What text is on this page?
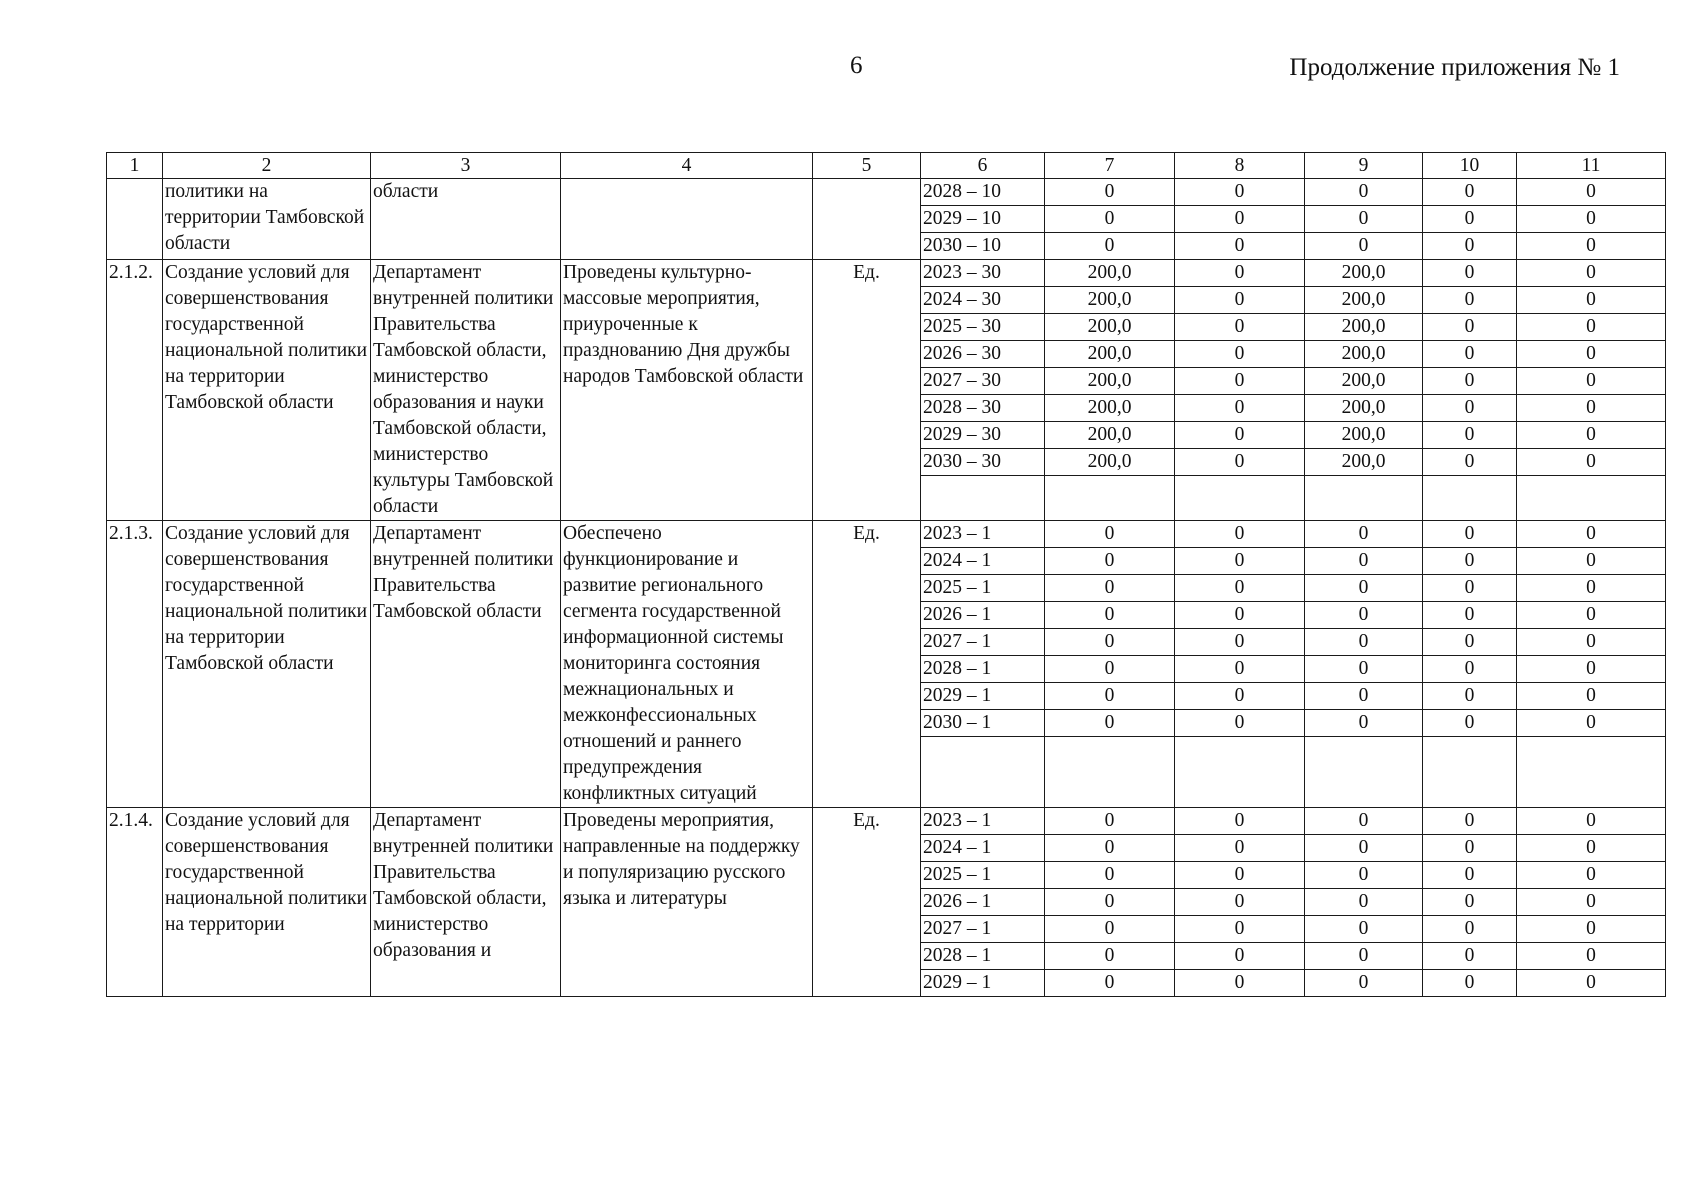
6	Продолжение приложения № 1
1	2	3	4	5	6	7	8	9	10	11
	политики на территории Тамбовской области	области			2028 – 10	0	0	0	0	0
					2029 – 10	0	0	0	0	0
					2030 – 10	0	0	0	0	0
2.1.2.	Создание условий для совершенствования государственной национальной политики на территории Тамбовской области	Департамент внутренней политики Правительства Тамбовской области, министерство образования и науки Тамбовской области, министерство культуры Тамбовской области	Проведены культурно-массовые мероприятия, приуроченные к празднованию Дня дружбы народов Тамбовской области	Ед.	2023 – 30	200,0	0	200,0	0	0
					2024 – 30	200,0	0	200,0	0	0
					2025 – 30	200,0	0	200,0	0	0
					2026 – 30	200,0	0	200,0	0	0
					2027 – 30	200,0	0	200,0	0	0
					2028 – 30	200,0	0	200,0	0	0
					2029 – 30	200,0	0	200,0	0	0
					2030 – 30	200,0	0	200,0	0	0

2.1.3.	Создание условий для совершенствования государственной национальной политики на территории Тамбовской области	Департамент внутренней политики Правительства Тамбовской области	Обеспечено функционирование и развитие регионального сегмента государственной информационной системы мониторинга состояния межнациональных и межконфессиональных отношений и раннего предупреждения конфликтных ситуаций	Ед.	2023 – 1	0	0	0	0	0
					2024 – 1	0	0	0	0	0
					2025 – 1	0	0	0	0	0
					2026 – 1	0	0	0	0	0
					2027 – 1	0	0	0	0	0
					2028 – 1	0	0	0	0	0
					2029 – 1	0	0	0	0	0
					2030 – 1	0	0	0	0	0

2.1.4.	Создание условий для совершенствования государственной национальной политики на территории	Департамент внутренней политики Правительства Тамбовской области, министерство образования и	Проведены мероприятия, направленные на поддержку и популяризацию русского языка и литературы	Ед.	2023 – 1	0	0	0	0	0
					2024 – 1	0	0	0	0	0
					2025 – 1	0	0	0	0	0
					2026 – 1	0	0	0	0	0
					2027 – 1	0	0	0	0	0
					2028 – 1	0	0	0	0	0
					2029 – 1	0	0	0	0	0
